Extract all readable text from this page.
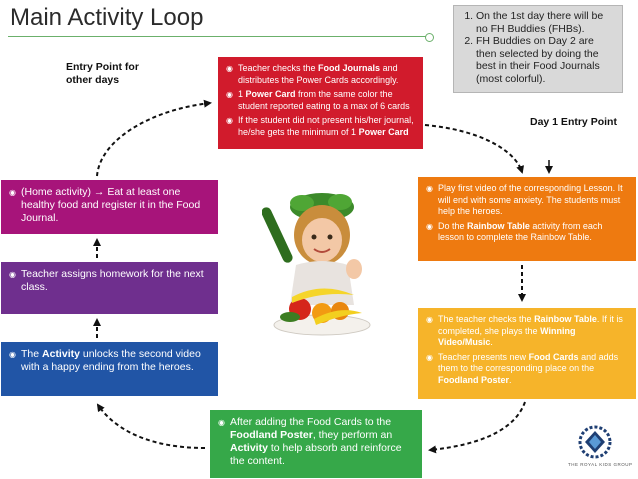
Main Activity Loop
1.	On the 1st day there will be no FH Buddies (FHBs).
2. FH Buddies on Day 2 are then selected by doing the best in their Food Journals (most colorful).
Entry Point for other days
Day 1 Entry Point
◉ Teacher checks the Food Journals and distributes the Power Cards accordingly.
◉ 1 Power Card from the same color the student reported eating to a max of 6 cards
◉ If the student did not present his/her journal, he/she gets the minimum of 1 Power Card
◉ Play first video of the corresponding Lesson. It will end with some anxiety. The students must help the heroes.
◉ Do the Rainbow Table activity from each lesson to complete the Rainbow Table.
◉ The teacher checks the Rainbow Table. If it is completed, she plays the Winning Video/Music.
◉ Teacher presents new Food Cards and adds them to the corresponding place on the Foodland Poster.
◉ After adding the Food Cards to the Foodland Poster, they perform an Activity to help absorb and reinforce the content.
◉ (Home activity) → Eat at least one healthy food and register it in the Food Journal.
◉ Teacher assigns homework for the next class.
◉ The Activity unlocks the second video with a happy ending from the heroes.
THE ROYAL KIDS GROUP
